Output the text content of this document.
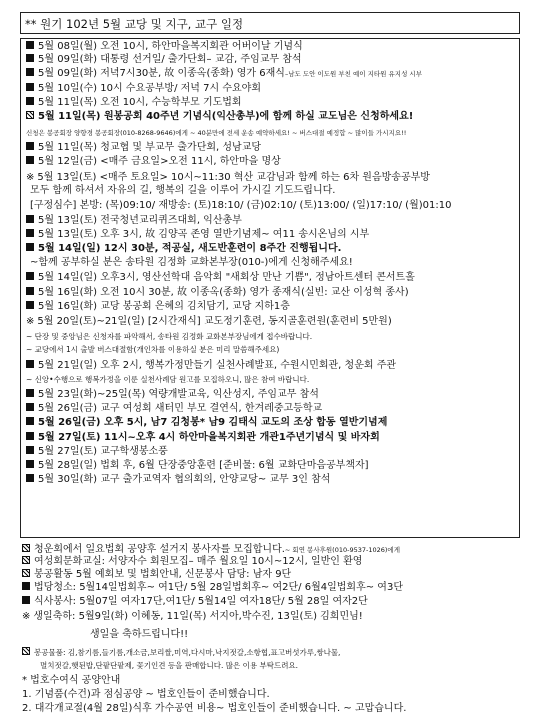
** 원기 102년 5월 교당 및 지구, 교구 일정
5월 08일(월) 오전 10시, 하안마을복지회관 어버이날 기념식
5월 09일(화) 대통령 선거일/ 출가단회– 교감, 주임교무 참석
5월 09일(화) 저녁7시30분, 故 이종옥(종화) 영가 6재식–남도 도안 이도원 부친 예이 지타원 유지성 시부
5월 10일(수) 10시 수요공부방/ 저녁 7시 수요야회
5월 11일(목) 오전 10시, 수능학부모 기도법회
5월 11일(목) 원봉공회 40주년 기념식(익산총부)에 함께 하실 교도님은 신청하세요!
신청은 봉공회장 양향경 봉공회장(010-8268-9646)에게 ~ 40분만에 전세 운송 예약하세요! ~ 버스대절 예정합 ~ 많이들 가시지요!!
5월 11일(목) 청교협 및 부교무 출가단회, 성남교당
5월 12일(금) <매주 금요일>오전 11시, 하안마을 명상
※ 5월 13일(토) <매주 토요일> 10시~11:30 혁산 교감님과 함께 하는 6차 원음방송공부방
모두 함께 하셔서 자유의 길, 행복의 길을 이루어 가시길 기도드립니다.
[구정심수] 본방: (목)09:10/ 재방송: (토)18:10/ (금)02:10/ (토)13:00/ (일)17:10/ (월)01:10
5월 13일(토) 전국청년교리퀴즈대회, 익산총부
5월 13일(토) 오후 3시, 故 김양곡 존영 열반기념제~ 여11 송시온님의 시부
5월 14일(일) 12시 30분, 적공실, 새도반훈련이 8주간 진행됩니다.
~함께 공부하실 분은 송타원 김정화 교화본부장(010-)에게 신청해주세요!
5월 14일(일) 오후3시, 영산선학대 음악회 "새회상 만난 기쁨", 정남아트센터 콘서트홀
5월 16일(화) 오전 10시 30분, 故 이종옥(종화) 영가 종재식(실빈: 교산 이성혁 종사)
5월 16일(화) 교당 봉공회 은혜의 김치담기, 교당 지하1층
※ 5월 20일(토)~21일(일) [2시간재식] 교도정기훈련, 동지골훈련원(훈련비 5만원)
~ 단장 및 중앙님은 신청자를 파악해서, 송타원 김정화 교화본부장님에게 접수바랍니다.
~ 교당에서 1시 출발 버스대절함(개인차를 이용하실 분은 미리 말씀해주세요)
5월 21일(일) 오후 2시, 행복가정만들기 실천사례발표, 수원시민회관, 청운회 주관
~ 신앙•수행으로 행복가정을 이룬 실천사례담 원고를 모집하오니, 많은 참여 바랍니다.
5월 23일(화)~25일(목) 역량개발교육, 익산성지, 주임교무 참석
5월 26일(금) 교구 여성회 새터민 부모 결연식, 한겨레중고등학교
5월 26일(금) 오후 5시, 남7 김청봉* 남9 김태식 교도의 조상 합동 열반기념제
5월 27일(토) 11시~오후 4시 하안마을복지회관 개관1주년기념식 및 바자회
5월 27일(토) 교구학생봉소풍
5월 28일(일) 법회 후, 6월 단장중앙훈련 [준비물: 6월 교화단마음공부책자]
5월 30일(화) 교구 출가교역자 협의회의, 안양교당~ 교무 3인 참석
청운회에서 일요법회 공양후 설거지 봉사자를 모집합니다.~ 회연 봉사후원(010-9537-1026)에게
여성회문화교실: 서양자수 회원모집– 매주 월요일 10시~12시, 일반인 환영
봉공활동 5월 예회보 및 법회안내, 신문봉사 담당: 남자 9단
법당청소: 5월14일법회후~ 여1단/ 5월 28일법회후~ 여2단/ 6월4일법회후~ 여3단
식사봉사: 5월07일 여자17단,여1단/ 5월14일 여자18단/ 5월 28일 여자2단
※ 생일축하: 5월9일(화) 이혜동, 11일(목) 서지아,박수진, 13일(토) 김희민님!
생일을 축하드립니다!!
봉공물품: 김,참기름,들기름,개소금,보리쌀,미역,다시마,낙지젓갈,소항협,표고버섯가루,쌍나물,
멸치젓갈,햇된밥,단팥단팥제, 꽃기인견 등을 판매합니다. 많은 이용 부탁드려요.
* 법호수여식 공양안내
1. 기념품(수건)과 점심공양 ~ 법호인들이 준비했습니다.
2. 대각개교절(4월 28일)식후 가수공연 비용~ 법호인들이 준비했습니다. ~ 고맙습니다.
